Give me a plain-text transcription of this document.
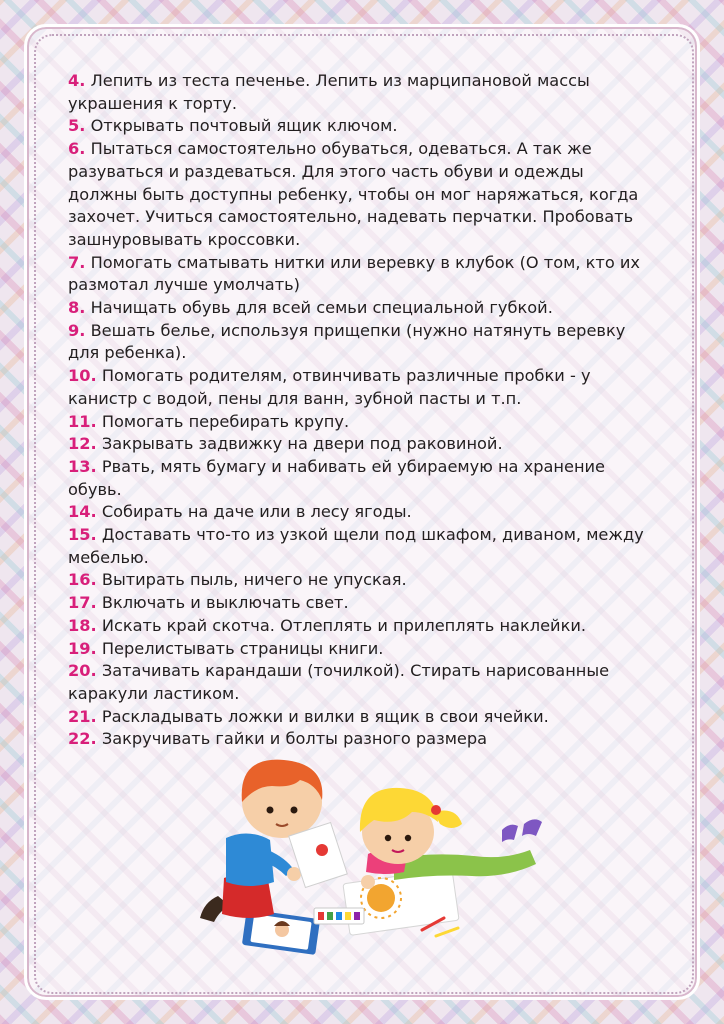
4. Лепить из теста печенье. Лепить из марципановой массы украшения к торту.

5. Открывать почтовый ящик ключом.

6. Пытаться самостоятельно обуваться, одеваться. А так же разуваться и раздеваться. Для этого часть обуви и одежды должны быть доступны ребенку, чтобы он мог наряжаться, когда захочет. Учиться самостоятельно, надевать перчатки. Пробовать зашнуровывать кроссовки.

7. Помогать сматывать нитки или веревку в клубок (О том, кто их размотал лучше умолчать)

8. Начищать обувь для всей семьи специальной губкой.

9. Вешать белье, используя прищепки (нужно натянуть веревку для ребенка).

10. Помогать родителям, отвинчивать различные пробки - у канистр с водой, пены для ванн, зубной пасты и т.п.

11. Помогать перебирать крупу.

12. Закрывать задвижку на двери под раковиной.

13. Рвать, мять бумагу и набивать ей убираемую на хранение обувь.

14. Собирать на даче или в лесу ягоды.

15. Доставать что-то из узкой щели под шкафом, диваном, между мебелью.

16. Вытирать пыль, ничего не упуская.

17. Включать и выключать свет.

18. Искать край скотча. Отлеплять и прилеплять наклейки.

19. Перелистывать страницы книги.

20. Затачивать карандаши (точилкой). Стирать нарисованные каракули ластиком.

21. Раскладывать ложки и вилки в ящик в свои ячейки.

22. Закручивать гайки и болты разного размера
